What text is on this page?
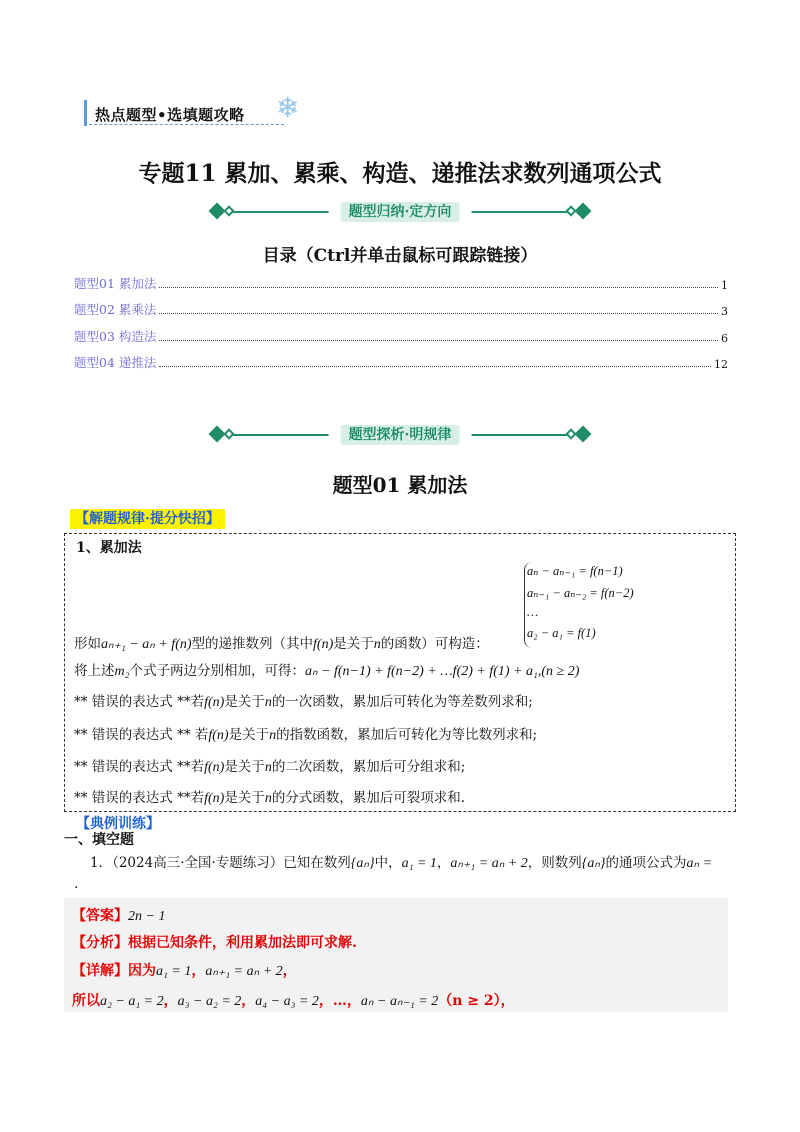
热点题型•选填题攻略 ❄
专题11 累加、累乘、构造、递推法求数列通项公式
题型归纳·定方向
目录（Ctrl并单击鼠标可跟踪链接）
题型01 累加法	1
题型02 累乘法	3
题型03 构造法	6
题型04 递推法	12
题型探析·明规律
题型01 累加法
【解题规律·提分快招】
1、累加法
aₙ − aₙ₋₁ = f(n−1)
aₙ₋₁ − aₙ₋₂ = f(n−2)
…
a₂ − a₁ = f(1)
形如aₙ₊₁ − aₙ + f(n)型的递推数列（其中f(n)是关于n的函数）可构造：
将上述m₂个式子两边分别相加，可得：aₙ − f(n−1) + f(n−2) + …f(2) + f(1) + a₁,(n ≥ 2)
** 错误的表达式 **若f(n)是关于n的一次函数，累加后可转化为等差数列求和;
** 错误的表达式 ** 若f(n)是关于n的指数函数，累加后可转化为等比数列求和;
** 错误的表达式 **若f(n)是关于n的二次函数，累加后可分组求和;
** 错误的表达式 **若f(n)是关于n的分式函数，累加后可裂项求和.
【典例训练】
一、填空题
1．（2024高三·全国·专题练习）已知在数列{aₙ}中，a₁ = 1，aₙ₊₁ = aₙ + 2，则数列{aₙ}的通项公式为aₙ =
.
【答案】2n − 1
【分析】根据已知条件，利用累加法即可求解.
【详解】因为a₁ = 1，aₙ₊₁ = aₙ + 2，
所以a₂ − a₁ = 2，a₃ − a₂ = 2，a₄ − a₃ = 2，…，aₙ − aₙ₋₁ = 2（n ≥ 2），
